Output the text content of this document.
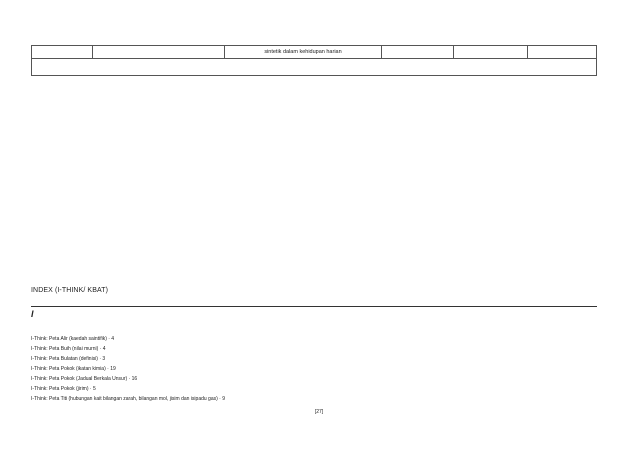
sintetik dalam kehidupan harian

INDEX (I-THINK/ KBAT)
I
I-Think: Peta Alir (kaedah saintifik) · 4
I-Think: Peta Buih (nilai murni) · 4
I-Think: Peta Bulatan (definisi) · 3
I-Think: Peta Pokok (ikatan kimia) · 19
I-Think: Peta Pokok (Jadual Berkala Unsur) · 16
I-Think: Peta Pokok (jirim) · 5
I-Think: Peta Titi (hubungan kait bilangan zarah, bilangan mol, jisim dan isipadu gas) · 9
[27]
